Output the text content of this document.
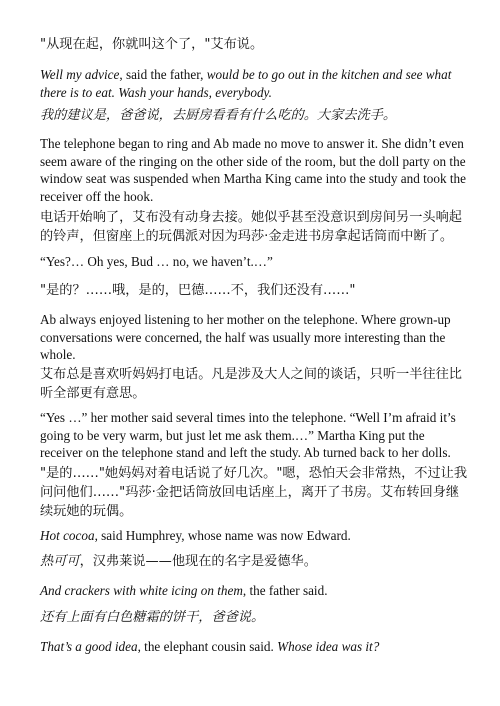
"从现在起，你就叫这个了，"艾布说。

Well my advice, said the father, would be to go out in the kitchen and see what there is to eat. Wash your hands, everybody.

我的建议是，爸爸说，去厨房看看有什么吃的。大家去洗手。

The telephone began to ring and Ab made no move to answer it. She didn’t even seem aware of the ringing on the other side of the room, but the doll party on the window seat was suspended when Martha King came into the study and took the receiver off the hook.

电话开始响了，艾布没有动身去接。她似乎甚至没意识到房间另一头响起的铃声，但窗座上的玩偶派对因为玛莎·金走进书房拿起话筒而中断了。

“Yes?… Oh yes, Bud … no, we haven’t.…”

"是的？……哦，是的，巴德……不，我们还没有……"

Ab always enjoyed listening to her mother on the telephone. Where grown-up conversations were concerned, the half was usually more interesting than the whole.

艾布总是喜欢听妈妈打电话。凡是涉及大人之间的谈话，只听一半往往比听全部更有意思。

“Yes …” her mother said several times into the telephone. “Well I’m afraid it’s going to be very warm, but just let me ask them.…” Martha King put the receiver on the telephone stand and left the study. Ab turned back to her dolls.

"是的……"她妈妈对着电话说了好几次。"嗯，恐怕天会非常热，不过让我问问他们……"玛莎·金把话筒放回电话座上，离开了书房。艾布转回身继续玩她的玩偶。

Hot cocoa, said Humphrey, whose name was now Edward.

热可可，汉弗莱说——他现在的名字是爱德华。

And crackers with white icing on them, the father said.

还有上面有白色糖霜的饼干，爸爸说。

That’s a good idea, the elephant cousin said. Whose idea was it?
